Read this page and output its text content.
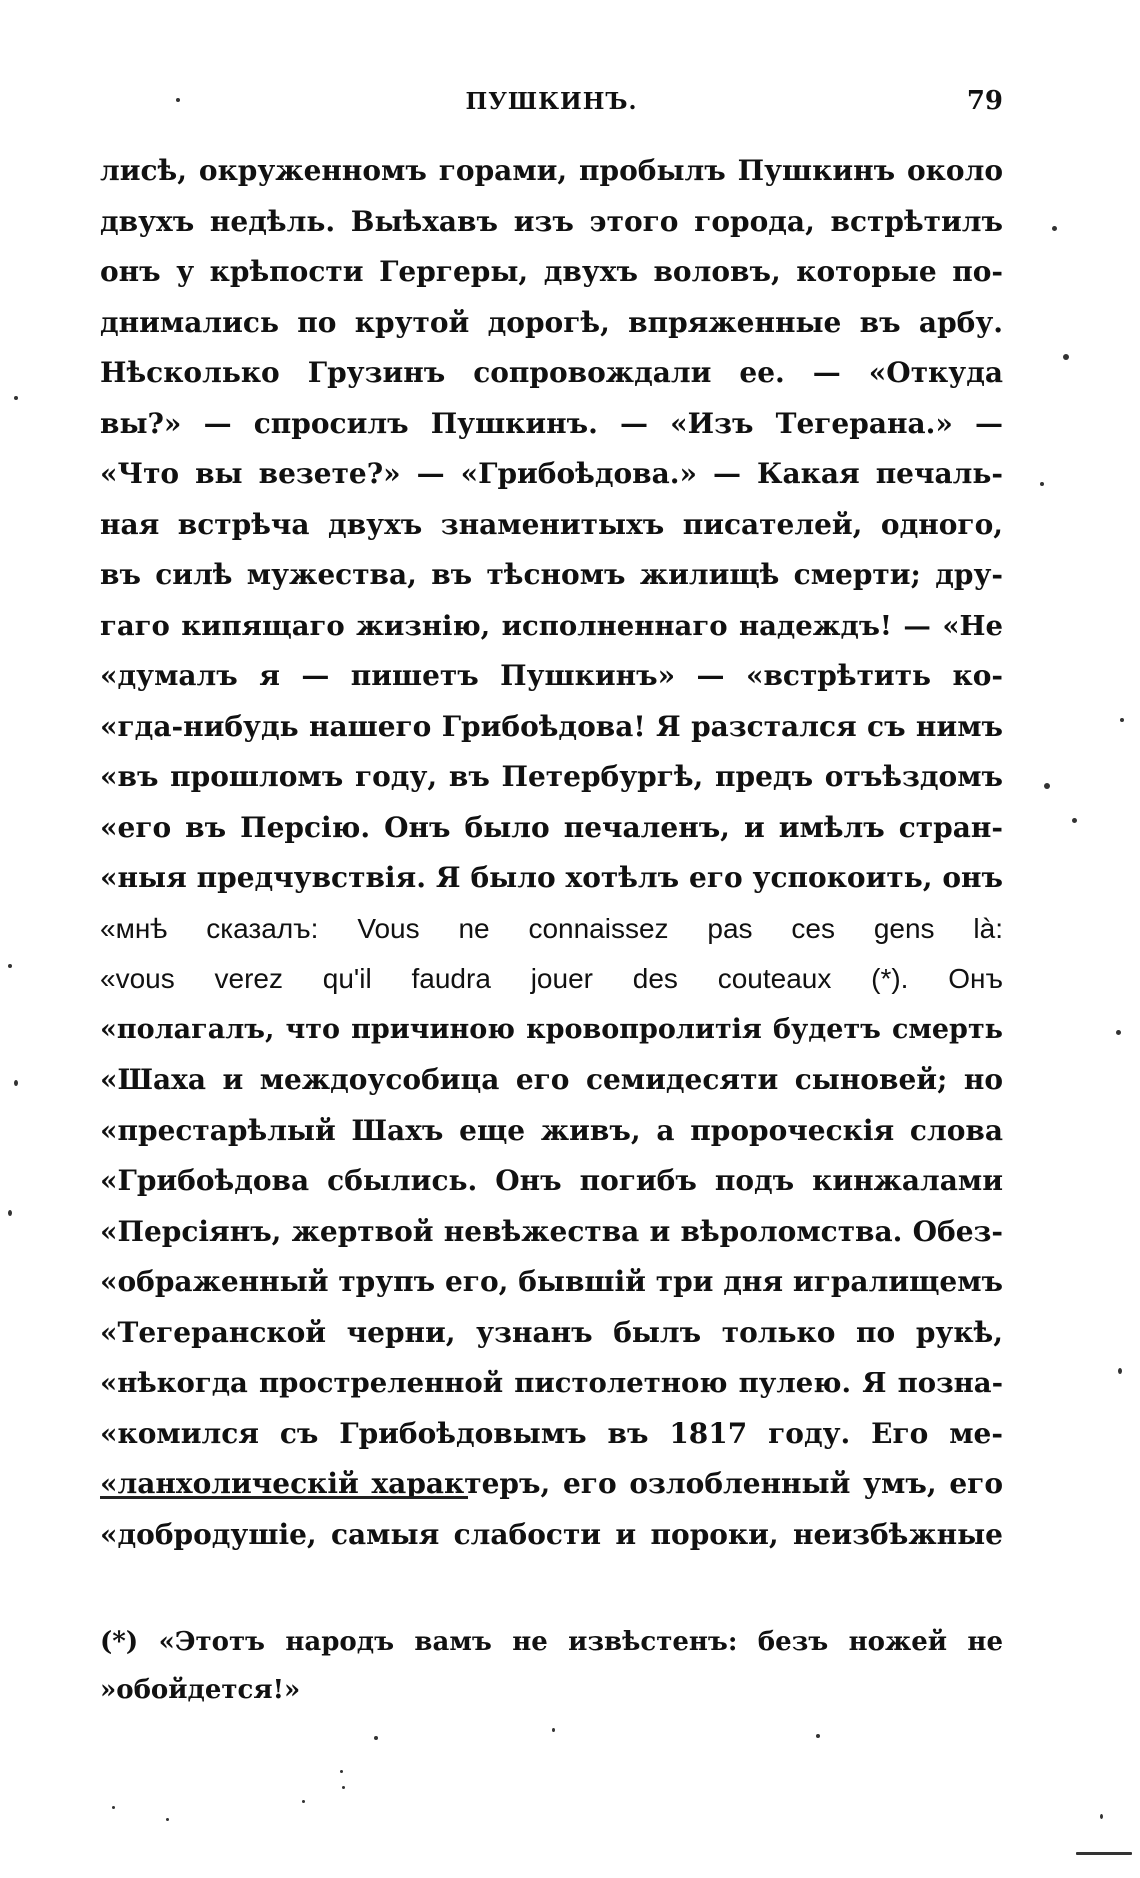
ПУШКИНЪ.	79
лисѣ, окруженномъ горами, пробылъ Пушкинъ около
двухъ недѣль. Выѣхавъ изъ этого города, встрѣтилъ
онъ у крѣпости Гергеры, двухъ воловъ, которые по-
днимались по крутой дорогѣ, впряженные въ арбу.
Нѣсколько Грузинъ сопровождали ее. — «Откуда
вы?» — спросилъ Пушкинъ. — «Изъ Тегерана.» —
«Что вы везете?» — «Грибоѣдова.» — Какая печаль-
ная встрѣча двухъ знаменитыхъ писателей, одного,
въ силѣ мужества, въ тѣсномъ жилищѣ смерти; дру-
гаго кипящаго жизнію, исполненнаго надеждъ! — «Не
«думалъ я — пишетъ Пушкинъ» — «встрѣтить ко-
«гда-нибудь нашего Грибоѣдова! Я разстался съ нимъ
«въ прошломъ году, въ Петербургѣ, предъ отъѣздомъ
«его въ Персію. Онъ было печаленъ, и имѣлъ стран-
«ныя предчувствія. Я было хотѣлъ его успокоить, онъ
«мнѣ сказалъ: Vous ne connaissez pas ces gens là:
«vous verez qu'il faudra jouer des couteaux (*). Онъ
«полагалъ, что причиною кровопролитія будетъ смерть
«Шаха и междоусобица его семидесяти сыновей; но
«престарѣлый Шахъ еще живъ, а пророческія слова
«Грибоѣдова сбылись. Онъ погибъ подъ кинжалами
«Персіянъ, жертвой невѣжества и вѣроломства. Обез-
«ображенный трупъ его, бывшій три дня игралищемъ
«Тегеранской черни, узнанъ былъ только по рукѣ,
«нѣкогда простреленной пистолетною пулею. Я позна-
«комился съ Грибоѣдовымъ въ 1817 году. Его ме-
«ланхолическій характеръ, его озлобленный умъ, его
«добродушіе, самыя слабости и пороки, неизбѣжные
(*) «Этотъ народъ вамъ не извѣстенъ: безъ ножей не
»обойдется!»
